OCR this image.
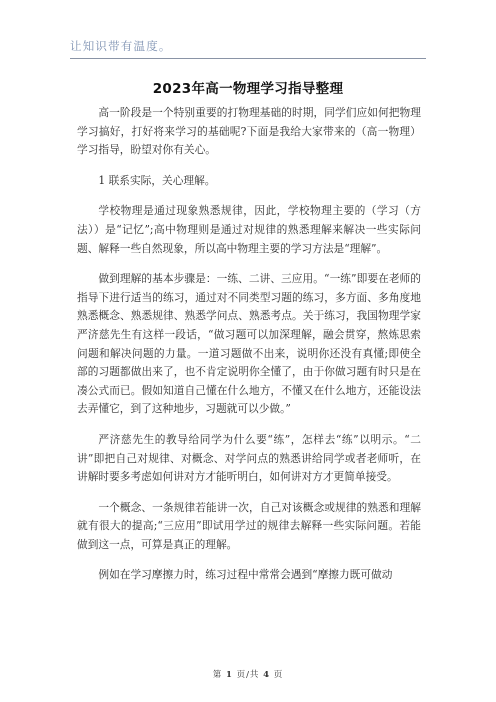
让知识带有温度。
2023年高一物理学习指导整理

高一阶段是一个特别重要的打物理基础的时期，同学们应如何把物理学习搞好，打好将来学习的基础呢?下面是我给大家带来的（高一物理）学习指导，盼望对你有关心。

1 联系实际，关心理解。

学校物理是通过现象熟悉规律，因此，学校物理主要的（学习（方法））是“记忆”;高中物理则是通过对规律的熟悉理解来解决一些实际问题、解释一些自然现象，所以高中物理主要的学习方法是“理解”。

做到理解的基本步骤是：一练、二讲、三应用。“一练”即要在老师的指导下进行适当的练习，通过对不同类型习题的练习，多方面、多角度地熟悉概念、熟悉规律、熟悉学问点、熟悉考点。关于练习，我国物理学家严济慈先生有这样一段话，“做习题可以加深理解，融会贯穿，熬炼思索问题和解决问题的力量。一道习题做不出来，说明你还没有真懂;即使全部的习题都做出来了，也不肯定说明你全懂了，由于你做习题有时只是在凑公式而已。假如知道自己懂在什么地方，不懂又在什么地方，还能设法去弄懂它，到了这种地步，习题就可以少做。”

严济慈先生的教导给同学为什么要“练”，怎样去“练”以明示。“二讲”即把自己对规律、对概念、对学问点的熟悉讲给同学或者老师听，在讲解时要多考虑如何讲对方才能听明白，如何讲对方才更简单接受。

一个概念、一条规律若能讲一次，自己对该概念或规律的熟悉和理解就有很大的提高;“三应用”即试用学过的规律去解释一些实际问题。若能做到这一点，可算是真正的理解。

例如在学习摩擦力时，练习过程中常常会遇到“摩擦力既可做动

第 1 页/共 4 页
